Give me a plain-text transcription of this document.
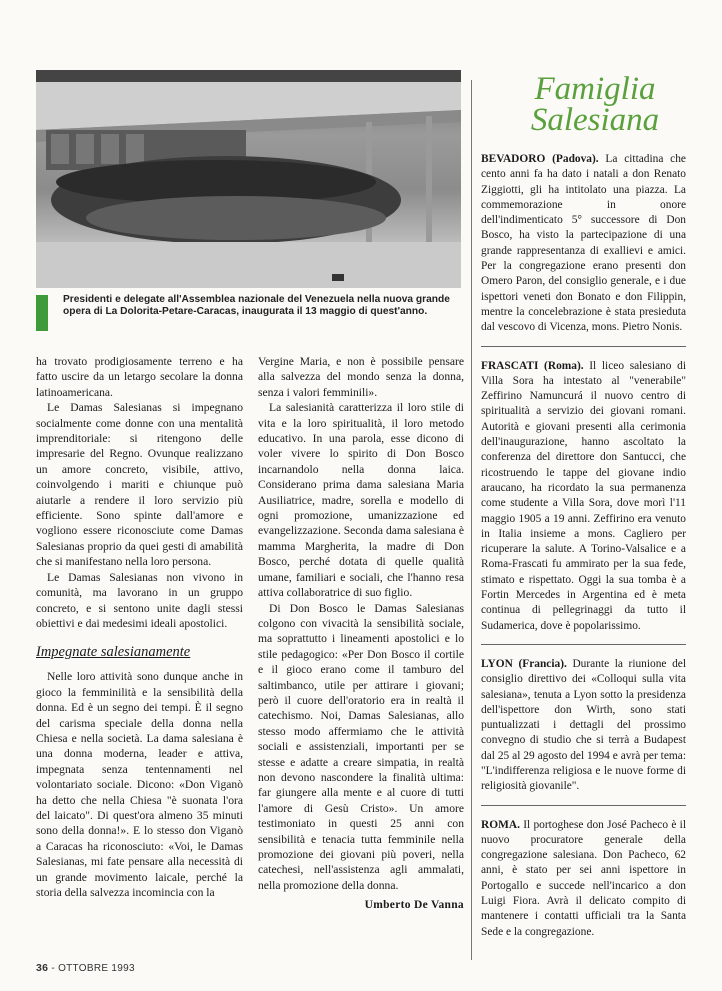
Presidenti e delegate all'Assemblea nazionale del Venezuela nella nuova grande opera di La Dolorita-Petare-Caracas, inaugurata il 13 maggio di quest'anno.
Famiglia
Salesiana

ha trovato prodigiosamente terreno e ha fatto uscire da un letargo secolare la donna latinoamericana.

Le Damas Salesianas si impegnano socialmente come donne con una mentalità imprenditoriale: si ritengono delle impresarie del Regno. Ovunque realizzano un amore concreto, visibile, attivo, coinvolgendo i mariti e chiunque può aiutarle a rendere il loro servizio più efficiente. Sono spinte dall'amore e vogliono essere riconosciute come Damas Salesianas proprio da quei gesti di amabilità che si manifestano nella loro persona.

Le Damas Salesianas non vivono in comunità, ma lavorano in un gruppo concreto, e si sentono unite dagli stessi obiettivi e dai medesimi ideali apostolici.

Impegnate salesianamente

Nelle loro attività sono dunque anche in gioco la femminilità e la sensibilità della donna. Ed è un segno dei tempi. È il segno del carisma speciale della donna nella Chiesa e nella società. La dama salesiana è una donna moderna, leader e attiva, impegnata senza tentennamenti nel volontariato sociale. Dicono: «Don Viganò ha detto che nella Chiesa "è suonata l'ora del laicato". Di quest'ora almeno 35 minuti sono della donna!». E lo stesso don Viganò a Caracas ha riconosciuto: «Voi, le Damas Salesianas, mi fate pensare alla necessità di un grande movimento laicale, perché la storia della salvezza incomincia con la

Vergine Maria, e non è possibile pensare alla salvezza del mondo senza la donna, senza i valori femminili».

La salesianità caratterizza il loro stile di vita e la loro spiritualità, il loro metodo educativo. In una parola, esse dicono di voler vivere lo spirito di Don Bosco incarnandolo nella donna laica. Considerano prima dama salesiana Maria Ausiliatrice, madre, sorella e modello di ogni promozione, umanizzazione ed evangelizzazione. Seconda dama salesiana è mamma Margherita, la madre di Don Bosco, perché dotata di quelle qualità umane, familiari e sociali, che l'hanno resa attiva collaboratrice di suo figlio.

Di Don Bosco le Damas Salesianas colgono con vivacità la sensibilità sociale, ma soprattutto i lineamenti apostolici e lo stile pedagogico: «Per Don Bosco il cortile e il gioco erano come il tamburo del saltimbanco, utile per attirare i giovani; però il cuore dell'oratorio era in realtà il catechismo. Noi, Damas Salesianas, allo stesso modo affermiamo che le attività sociali e assistenziali, importanti per se stesse e adatte a creare simpatia, in realtà non devono nascondere la finalità ultima: far giungere alla mente e al cuore di tutti l'amore di Gesù Cristo». Un amore testimoniato in questi 25 anni con sensibilità e tenacia tutta femminile nella promozione dei giovani più poveri, nella catechesi, nell'assistenza agli ammalati, nella promozione della donna.

Umberto De Vanna

BEVADORO (Padova). La cittadina che cento anni fa ha dato i natali a don Renato Ziggiotti, gli ha intitolato una piazza. La commemorazione in onore dell'indimenticato 5° successore di Don Bosco, ha visto la partecipazione di una grande rappresentanza di exallievi e amici. Per la congregazione erano presenti don Omero Paron, del consiglio generale, e i due ispettori veneti don Bonato e don Filippin, mentre la concelebrazione è stata presieduta dal vescovo di Vicenza, mons. Pietro Nonis.

FRASCATI (Roma). Il liceo salesiano di Villa Sora ha intestato al "venerabile" Zeffirino Namuncurá il nuovo centro di spiritualità a servizio dei giovani romani. Autorità e giovani presenti alla cerimonia dell'inaugurazione, hanno ascoltato la conferenza del direttore don Santucci, che ricostruendo le tappe del giovane indio araucano, ha ricordato la sua permanenza come studente a Villa Sora, dove morì l'11 maggio 1905 a 19 anni. Zeffirino era venuto in Italia insieme a mons. Cagliero per ricuperare la salute. A Torino-Valsalice e a Roma-Frascati fu ammirato per la sua fede, stimato e rispettato. Oggi la sua tomba è a Fortin Mercedes in Argentina ed è meta continua di pellegrinaggi da tutto il Sudamerica, dove è popolarissimo.

LYON (Francia). Durante la riunione del consiglio direttivo dei «Colloqui sulla vita salesiana», tenuta a Lyon sotto la presidenza dell'ispettore don Wirth, sono stati puntualizzati i dettagli del prossimo convegno di studio che si terrà a Budapest dal 25 al 29 agosto del 1994 e avrà per tema: "L'indifferenza religiosa e le nuove forme di religiosità giovanile".

ROMA. Il portoghese don José Pacheco è il nuovo procuratore generale della congregazione salesiana. Don Pacheco, 62 anni, è stato per sei anni ispettore in Portogallo e succede nell'incarico a don Luigi Fiora. Avrà il delicato compito di mantenere i contatti ufficiali tra la Santa Sede e la congregazione.

36 - OTTOBRE 1993
